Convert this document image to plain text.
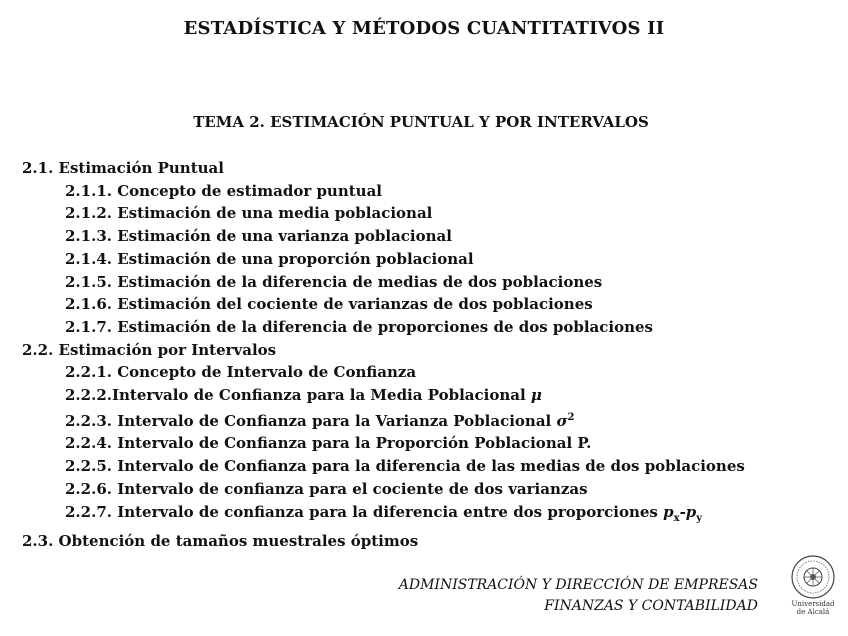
ESTADÍSTICA Y MÉTODOS CUANTITATIVOS II
TEMA 2. ESTIMACIÓN PUNTUAL Y POR INTERVALOS
2.1. Estimación Puntual
2.1.1. Concepto de estimador puntual
2.1.2. Estimación de una media poblacional
2.1.3. Estimación de una varianza poblacional
2.1.4. Estimación de una proporción poblacional
2.1.5. Estimación de la diferencia de medias de dos poblaciones
2.1.6. Estimación del cociente de varianzas de dos poblaciones
2.1.7. Estimación de la diferencia de proporciones de dos poblaciones
2.2. Estimación por Intervalos
2.2.1. Concepto de Intervalo de Confianza
2.2.2.Intervalo de Confianza para la Media Poblacional μ
2.2.3. Intervalo de Confianza para la Varianza Poblacional $\sigma^2$
2.2.4. Intervalo de Confianza para la Proporción Poblacional P.
2.2.5. Intervalo de Confianza para la diferencia de las medias de dos poblaciones
2.2.6. Intervalo de confianza para el cociente de dos varianzas
2.2.7. Intervalo de confianza para la diferencia entre dos proporciones $p_x-p_y$
2.3. Obtención de tamaños muestrales óptimos
ADMINISTRACIÓN Y DIRECCIÓN DE EMPRESAS
FINANZAS Y CONTABILIDAD	Universidad
de Alcalá
